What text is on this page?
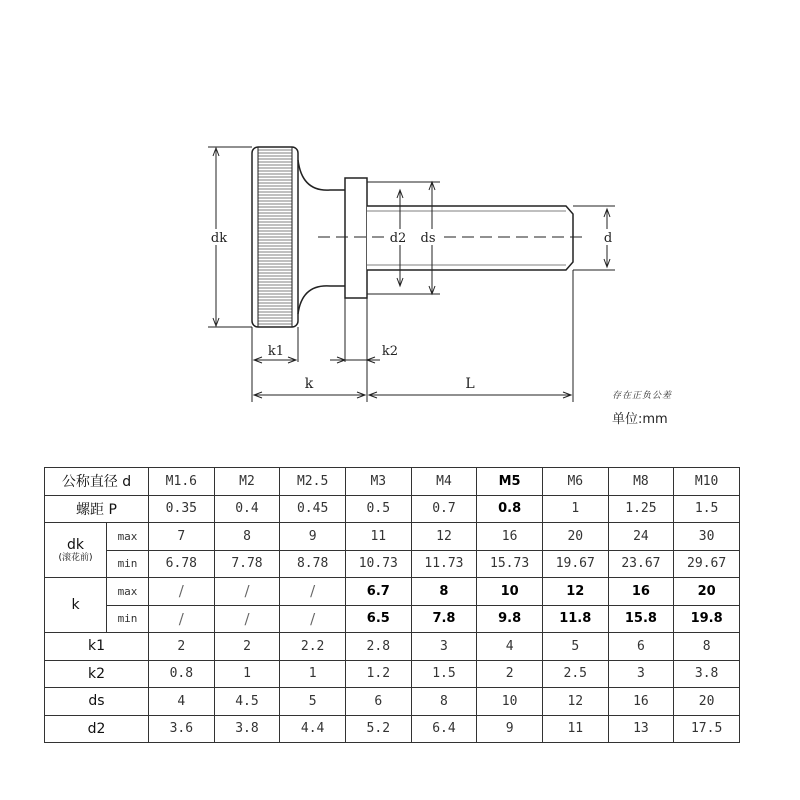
dk	d2 ds	d
k1	k2
k	L
存在正负公差
单位:mm
公称直径 d		M1.6	M2	M2.5	M3	M4	M5	M6	M8	M10
螺距 P		0.35	0.4	0.45	0.5	0.7	0.8	1	1.25	1.5

dk
(滚花前)	max	7	8	9	11	12	16	20	24	30
	min	6.78	7.78	8.78	10.73	11.73	15.73	19.67	23.67	29.67
k	max	/	/	/	6.7	8	10	12	16	20
	min	/	/	/	6.5	7.8	9.8	11.8	15.8	19.8
k1		2	2	2.2	2.8	3	4	5	6	8
k2		0.8	1	1	1.2	1.5	2	2.5	3	3.8
ds		4	4.5	5	6	8	10	12	16	20
d2		3.6	3.8	4.4	5.2	6.4	9	11	13	17.5
